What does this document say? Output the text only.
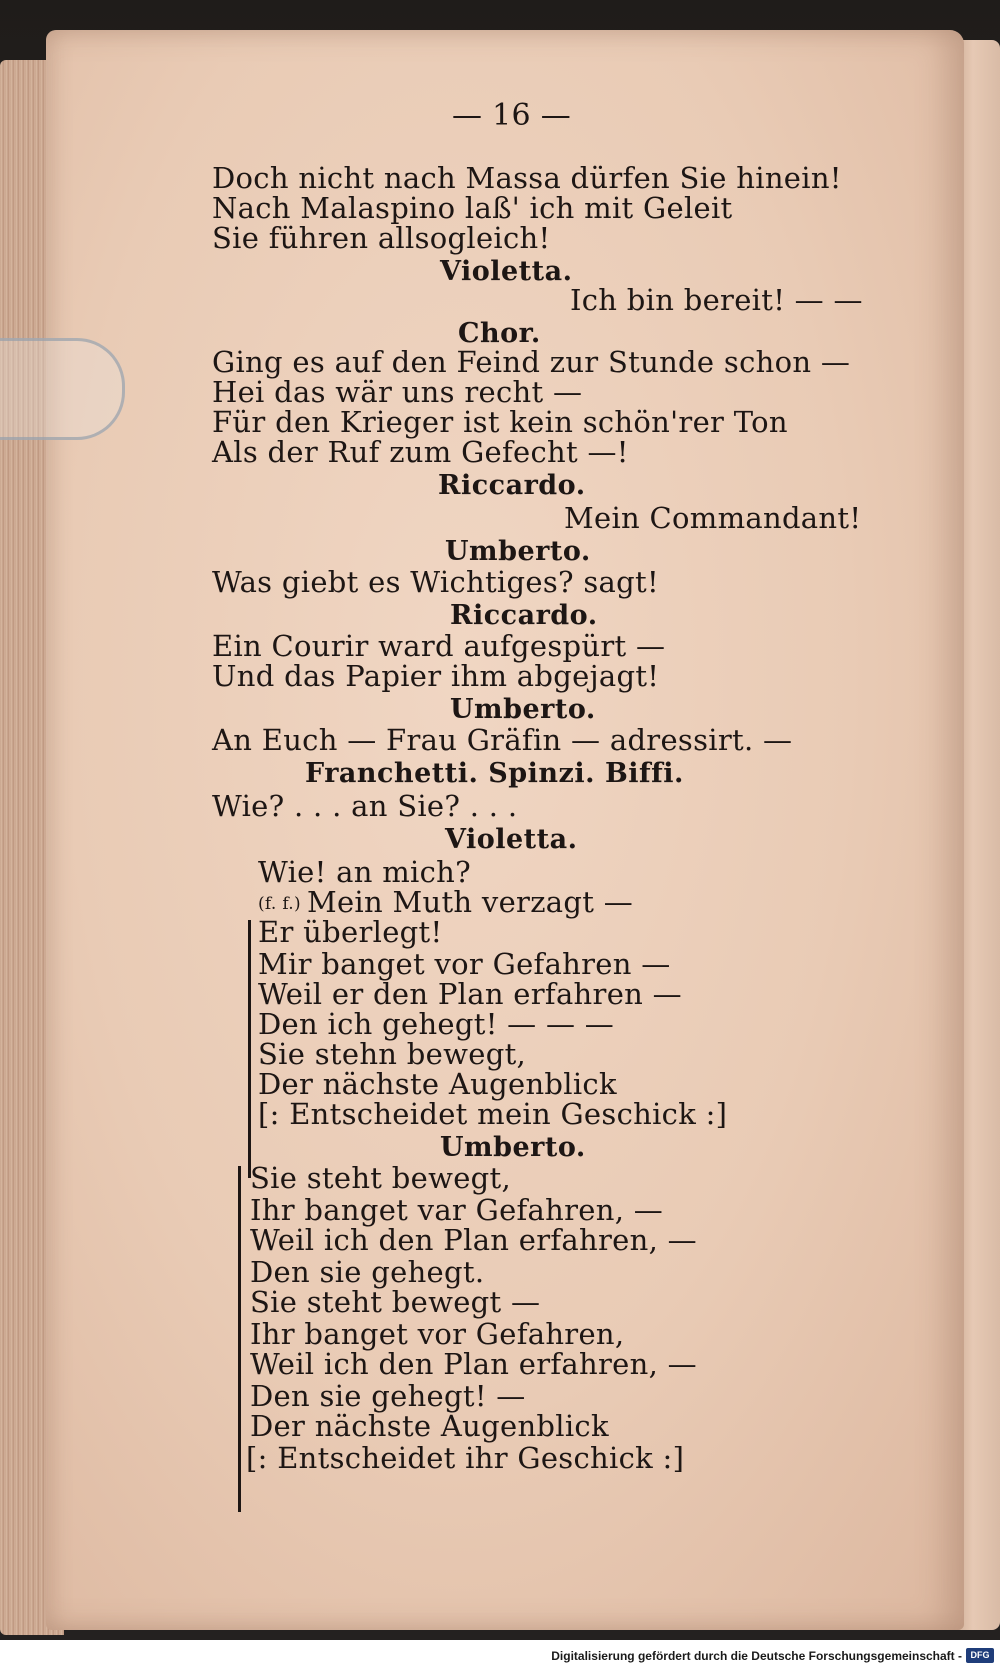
— 16 —
Doch nicht nach Massa dürfen Sie hinein!
Nach Malaspino laß' ich mit Geleit
Sie führen allsogleich!
Violetta.
Ich bin bereit! — —
Chor.
Ging es auf den Feind zur Stunde schon —
Hei das wär uns recht —
Für den Krieger ist kein schön'rer Ton
Als der Ruf zum Gefecht —!
Riccardo.
Mein Commandant!
Umberto.
Was giebt es Wichtiges? sagt!
Riccardo.
Ein Courir ward aufgespürt —
Und das Papier ihm abgejagt!
Umberto.
An Euch — Frau Gräfin — adressirt. —
Franchetti. Spinzi. Biffi.
Wie? . . . an Sie? . . .
Violetta.
Wie! an mich?
(f. f.) Mein Muth verzagt —
Er überlegt!
Mir banget vor Gefahren —
Weil er den Plan erfahren —
Den ich gehegt! — — —
Sie stehn bewegt,
Der nächste Augenblick
[: Entscheidet mein Geschick :]
Umberto.
Sie steht bewegt,
Ihr banget var Gefahren, —
Weil ich den Plan erfahren, —
Den sie gehegt.
Sie steht bewegt —
Ihr banget vor Gefahren,
Weil ich den Plan erfahren, —
Den sie gehegt! —
Der nächste Augenblick
[: Entscheidet ihr Geschick :]
Digitalisierung gefördert durch die Deutsche Forschungsgemeinschaft - DFG
